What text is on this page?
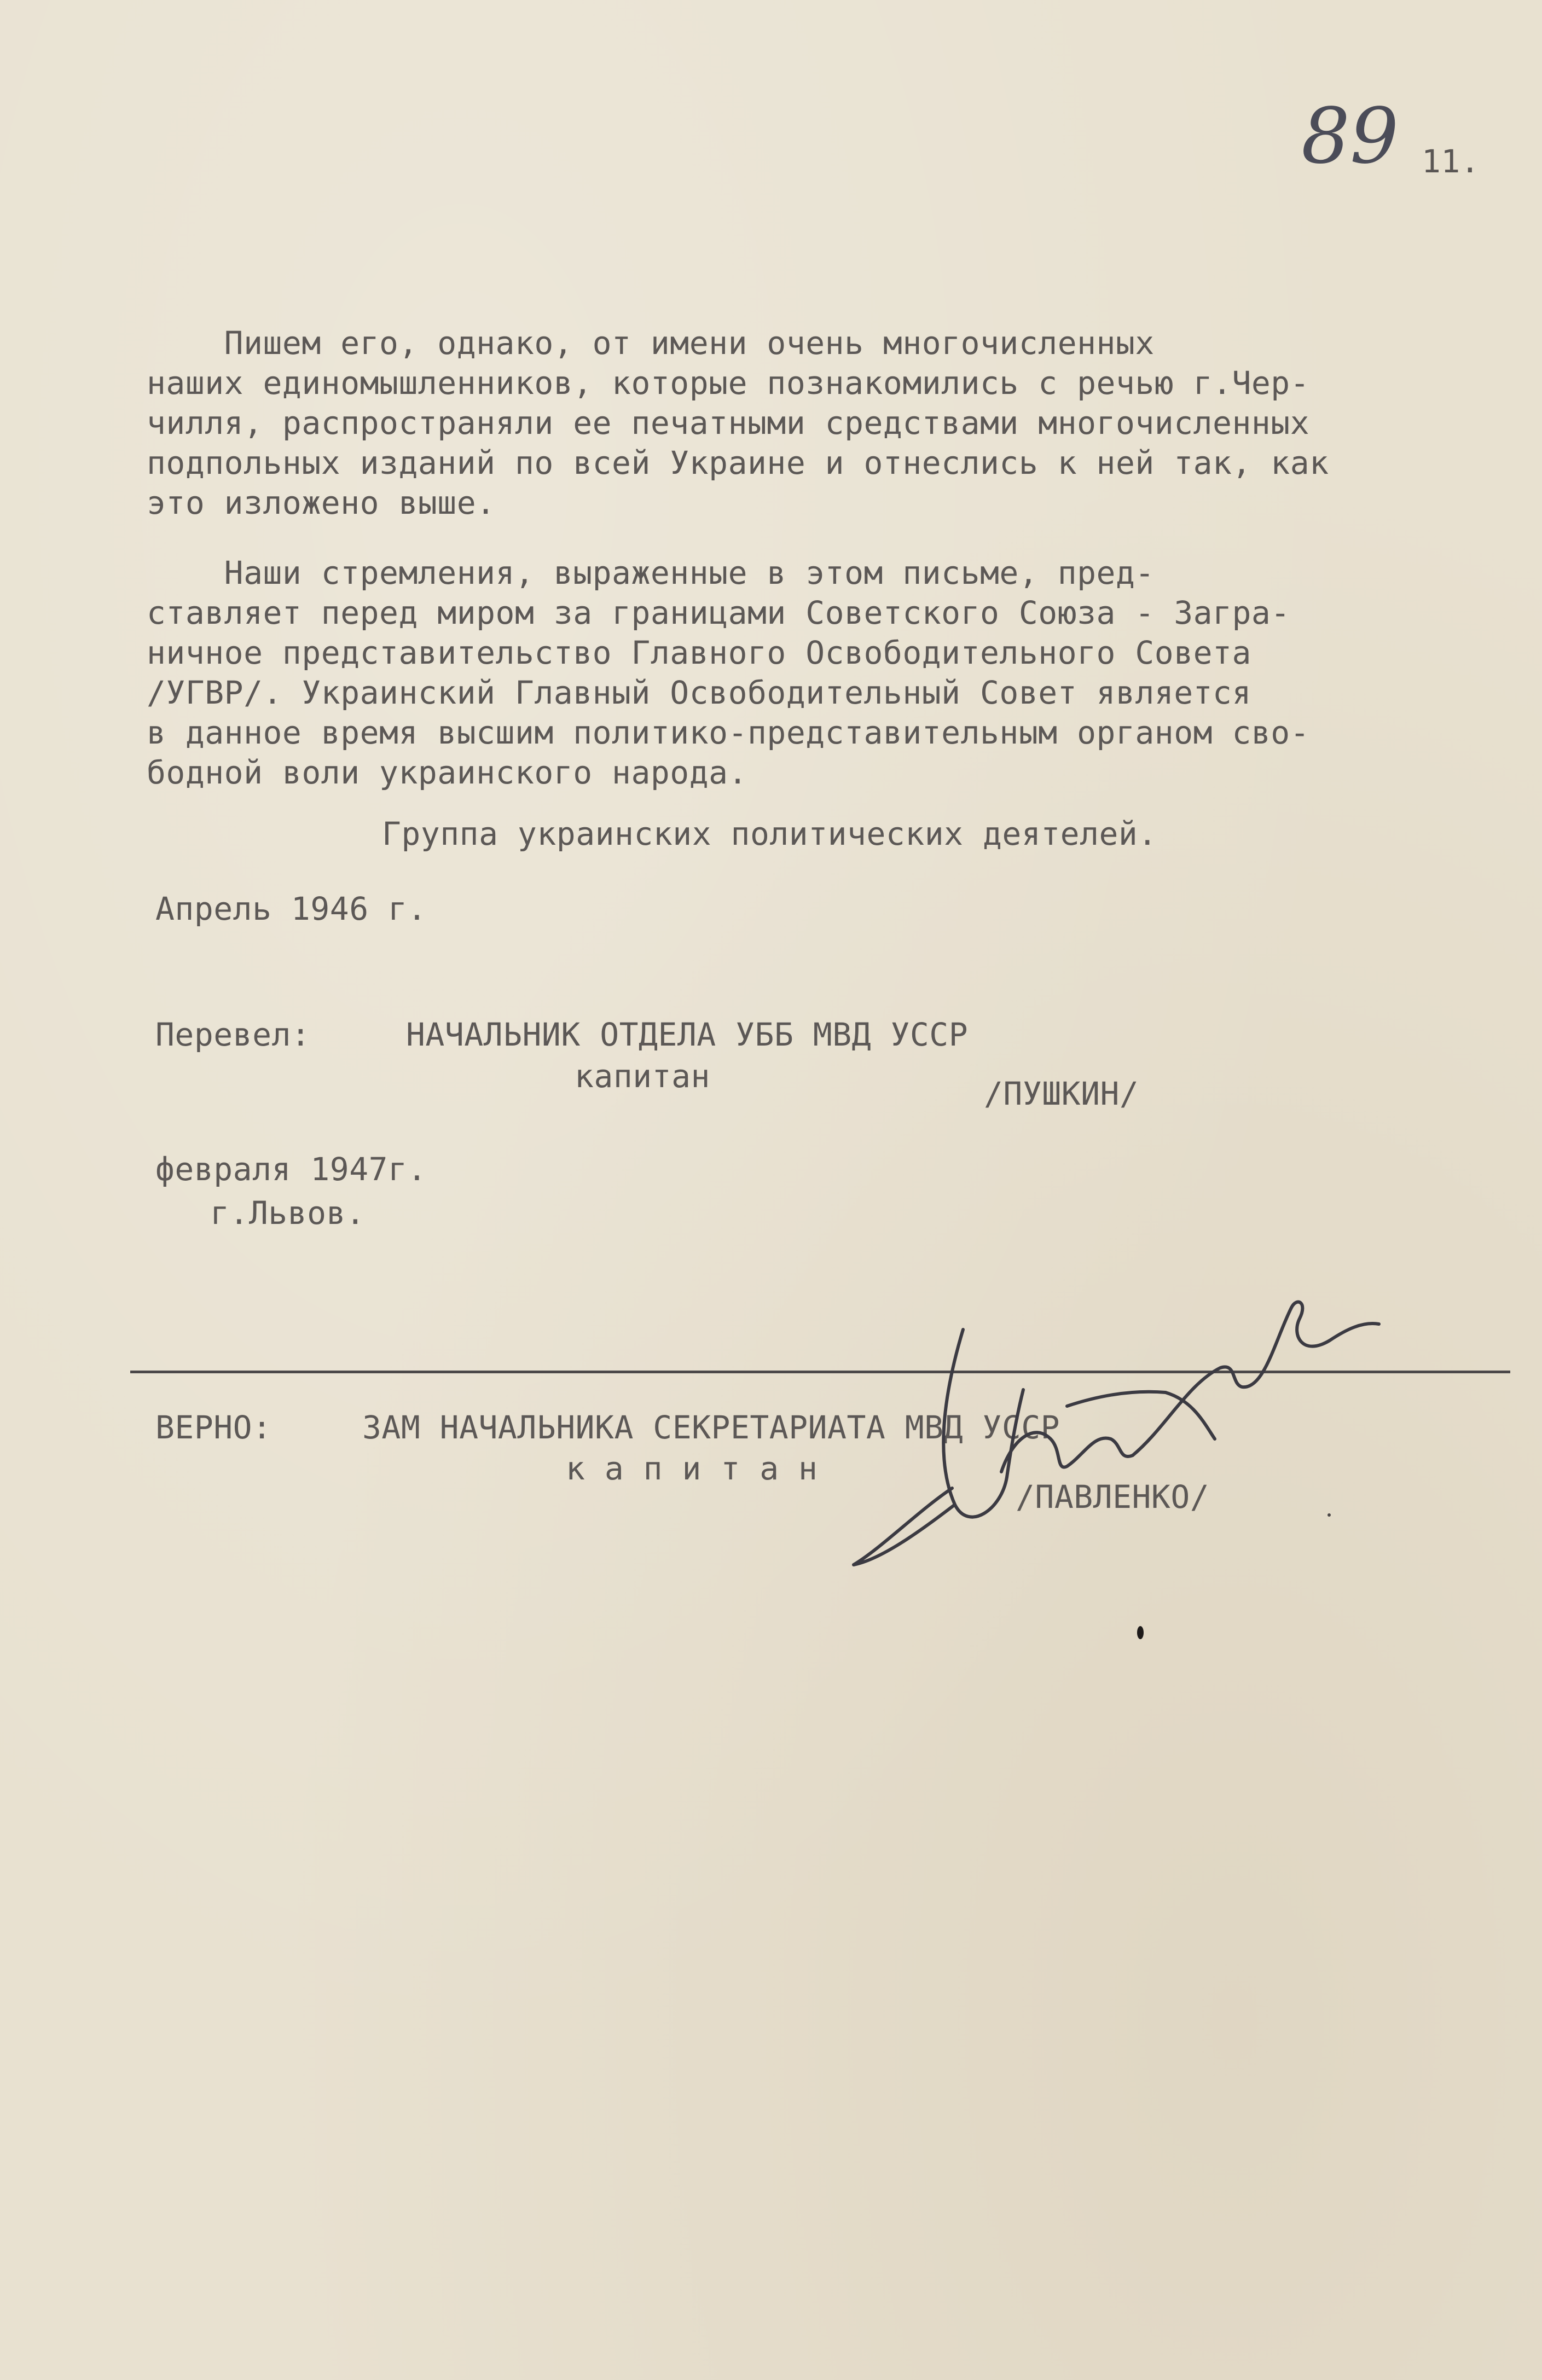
89 11.
Пишем его, однако, от имени очень многочисленных
наших единомышленников, которые познакомились с речью г.Чер-
чилля, распространяли ее печатными средствами многочисленных
подпольных изданий по всей Украине и отнеслись к ней так, как
это изложено выше.
Наши стремления, выраженные в этом письме, пред-
ставляет перед миром за границами Советского Союза - Загра-
ничное представительство Главного Освободительного Совета
/УГВР/. Украинский Главный Освободительный Совет является
в данное время высшим политико-представительным органом сво-
бодной воли украинского народа.
Группа украинских политических деятелей.
Апрель 1946 г.
Перевел:	НАЧАЛЬНИК ОТДЕЛА УББ МВД УССР
капитан	/ПУШКИН/
февраля 1947г.
г.Львов.
ВЕРНО:	ЗАМ НАЧАЛЬНИКА СЕКРЕТАРИАТА МВД УССР
к а п и т а н
/ПАВЛЕНКО/
